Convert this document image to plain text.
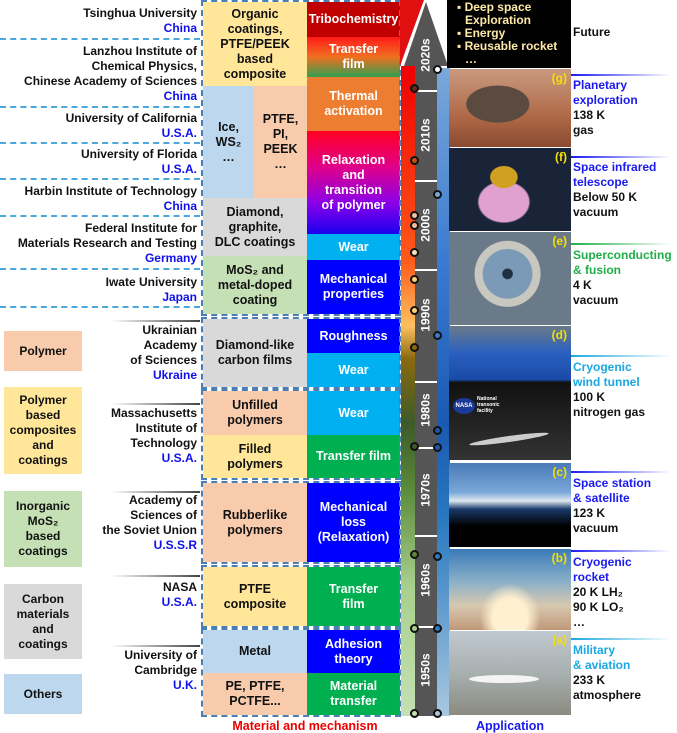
Tsinghua University
China
Lanzhou Institute of
Chemical Physics,
Chinese Academy of Sciences
China
University of California
U.S.A.
University of Florida
U.S.A.
Harbin Institute of Technology
China
Federal Institute for
Materials Research and Testing
Germany
Iwate University
Japan
Ukrainian
Academy
of Sciences
Ukraine
Massachusetts
Institute of
Technology
U.S.A.
Academy of
Sciences of
the Soviet Union
U.S.S.R
NASA
U.S.A.
University of
Cambridge
U.K.
Polymer
Polymer
based
composites
and
coatings
Inorganic
MoS₂
based
coatings
Carbon
materials
and
coatings
Others
Organic
coatings,
PTFE/PEEK
based
composite
Ice,
WS₂
…
PTFE,
PI,
PEEK
…
Diamond,
graphite,
DLC coatings
MoS₂ and
metal-doped
coating
Tribochemistry
Transfer
film
Thermal
activation
Relaxation
and
transition
of polymer
Wear
Mechanical
properties
Diamond-like
carbon films
Roughness
Wear
Unfilled
polymers
Filled
polymers
Wear
Transfer film
Rubberlike
polymers
Mechanical
loss
(Relaxation)
PTFE
composite
Transfer
film
Metal
PE, PTFE,
PCTFE...
Adhesion
theory
Material
transfer
Material and mechanism
2020s
2010s
2000s
1990s
1980s
1970s
1960s
1950s
▪ Deep space
Exploration
▪ Energy
▪ Reusable rocket
…
Future
(g)
(f)
(e)
(d)
NASA
National
transonic
facility
(c)
(b)
(a)
Planetary
exploration
138 K
gas
Space infrared
telescope
Below 50 K
vacuum
Superconducting
& fusion
4 K
vacuum
Cryogenic
wind tunnel
100 K
nitrogen gas
Space station
& satellite
123 K
vacuum
Cryogenic
rocket
20 K LH₂
90 K LO₂
…
Military
& aviation
233 K
atmosphere
Application
